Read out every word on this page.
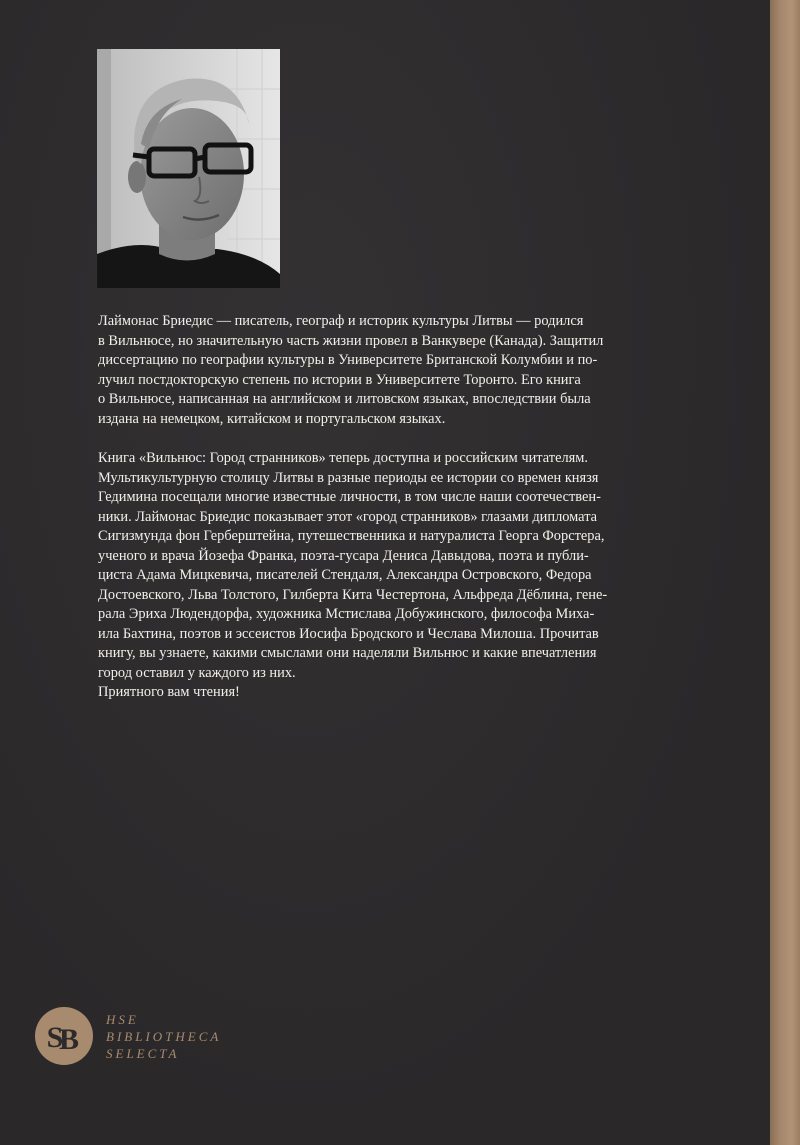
Лаймонас Бриедис — писатель, географ и историк культуры Литвы — родился
в Вильнюсе, но значительную часть жизни провел в Ванкувере (Канада). Защитил
диссертацию по географии культуры в Университете Британской Колумбии и по-
лучил постдокторскую степень по истории в Университете Торонто. Его книга
о Вильнюсе, написанная на английском и литовском языках, впоследствии была
издана на немецком, китайском и португальском языках.

Книга «Вильнюс: Город странников» теперь доступна и российским читателям.
Мультикультурную столицу Литвы в разные периоды ее истории со времен князя
Гедимина посещали многие известные личности, в том числе наши соотечествен-
ники. Лаймонас Бриедис показывает этот «город странников» глазами дипломата
Сигизмунда фон Герберштейна, путешественника и натуралиста Георга Форстера,
ученого и врача Йозефа Франка, поэта-гусара Дениса Давыдова, поэта и публи-
циста Адама Мицкевича, писателей Стендаля, Александра Островского, Федора
Достоевского, Льва Толстого, Гилберта Кита Честертона, Альфреда Дёблина, гене-
рала Эриха Людендорфа, художника Мстислава Добужинского, философа Миха-
ила Бахтина, поэтов и эссеистов Иосифа Бродского и Чеслава Милоша. Прочитав
книгу, вы узнаете, какими смыслами они наделяли Вильнюс и какие впечатления
город оставил у каждого из них.
Приятного вам чтения!

S
B
HSE
BIBLIOTHECA
SELECTA
